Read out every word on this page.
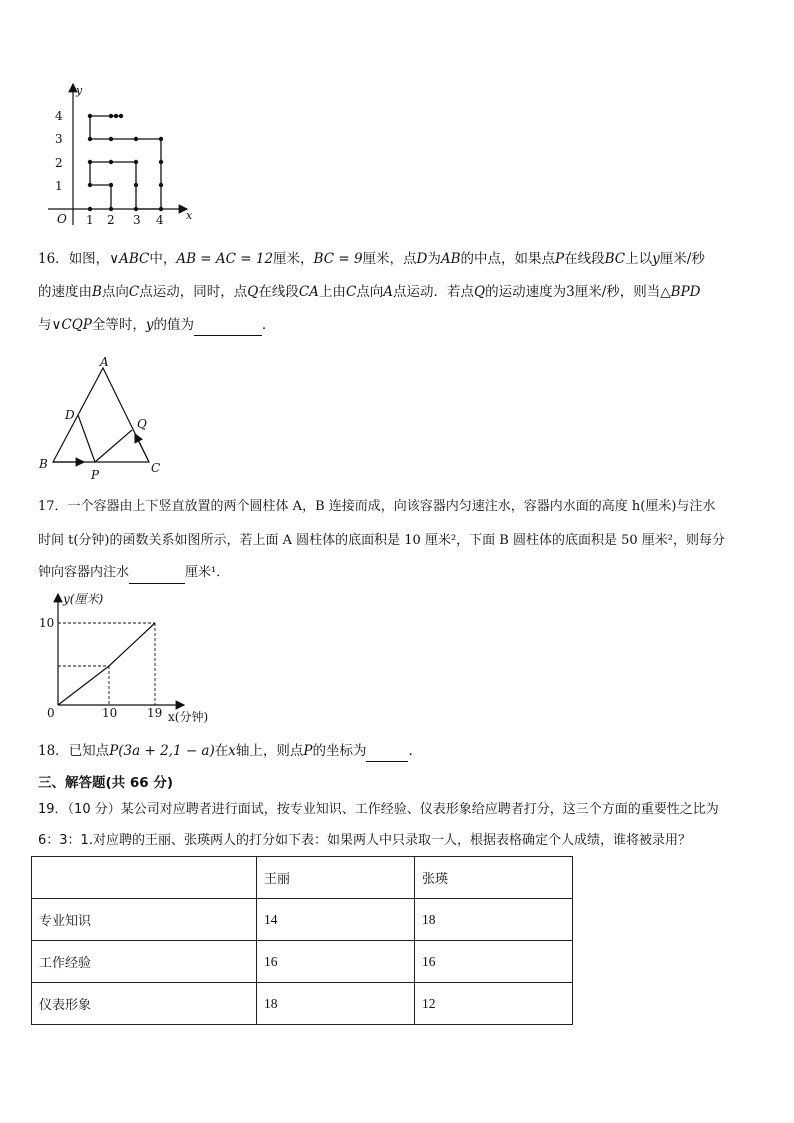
y
x
O
4
3
2
1
1 2 3 4
16．如图，∨ABC中，AB = AC = 12厘米，BC = 9厘米，点D为AB的中点，如果点P在线段BC上以y厘米/秒
的速度由B点向C点运动，同时，点Q在线段CA上由C点向A点运动．若点Q的运动速度为3厘米/秒，则当△BPD
与∨CQP全等时，y的值为	．
A
D
Q
B
P	C
17．一个容器由上下竖直放置的两个圆柱体 A，B 连接而成，向该容器内匀速注水，容器内水面的高度 h(厘米)与注水
时间 t(分钟)的函数关系如图所示，若上面 A 圆柱体的底面积是 10 厘米²，下面 B 圆柱体的底面积是 50 厘米²，则每分
钟向容器内注水	厘米¹．
y(厘米)
10
0	10 19 x(分钟)
18．已知点P(3a + 2,1 − a)在x轴上，则点P的坐标为	．
三、解答题(共 66 分)
19．（10 分）某公司对应聘者进行面试，按专业知识、工作经验、仪表形象给应聘者打分，这三个方面的重要性之比为
6：3：1.对应聘的王丽、张瑛两人的打分如下表：如果两人中只录取一人，根据表格确定个人成绩，谁将被录用？
	王丽	张瑛
专业知识	14	18
工作经验	16	16
仪表形象	18	12
